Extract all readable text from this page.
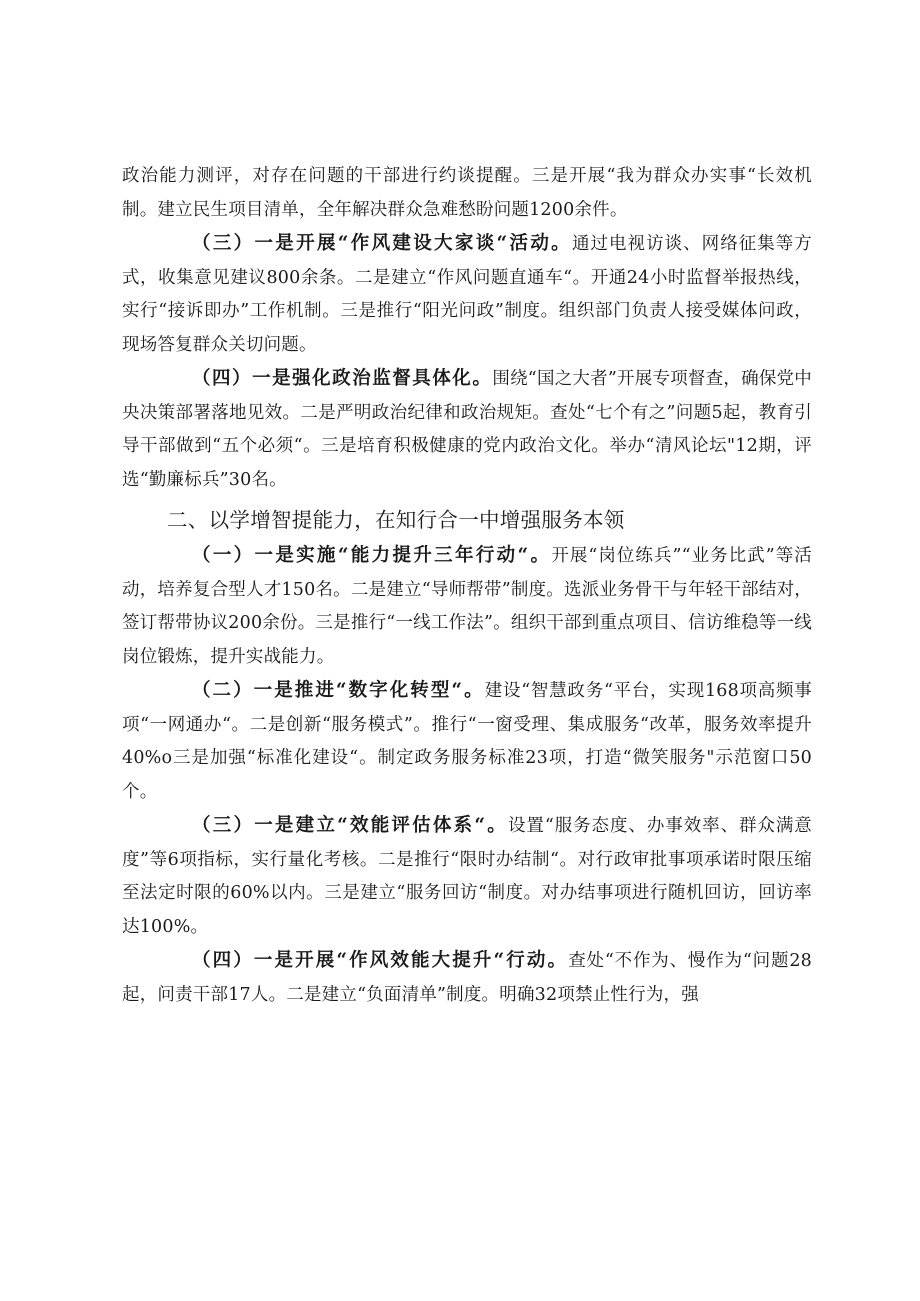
政治能力测评，对存在问题的干部进行约谈提醒。三是开展“我为群众办实事“长效机制。建立民生项目清单，全年解决群众急难愁盼问题1200余件。

（三）一是开展“作风建设大家谈“活动。通过电视访谈、网络征集等方式，收集意见建议800余条。二是建立“作风问题直通车“。开通24小时监督举报热线，实行“接诉即办”工作机制。三是推行“阳光问政”制度。组织部门负责人接受媒体问政，现场答复群众关切问题。

（四）一是强化政治监督具体化。围绕“国之大者”开展专项督查，确保党中央决策部署落地见效。二是严明政治纪律和政治规矩。查处“七个有之”问题5起，教育引导干部做到“五个必须“。三是培育积极健康的党内政治文化。举办“清风论坛"12期，评选“勤廉标兵”30名。

二、以学增智提能力，在知行合一中增强服务本领

（一）一是实施“能力提升三年行动“。开展“岗位练兵”“业务比武”等活动，培养复合型人才150名。二是建立“导师帮带”制度。选派业务骨干与年轻干部结对，签订帮带协议200余份。三是推行“一线工作法”。组织干部到重点项目、信访维稳等一线岗位锻炼，提升实战能力。

（二）一是推进“数字化转型“。建设“智慧政务“平台，实现168项高频事项“一网通办“。二是创新“服务模式”。推行“一窗受理、集成服务“改革，服务效率提升40%o三是加强“标准化建设“。制定政务服务标准23项，打造“微笑服务"示范窗口50个。

（三）一是建立“效能评估体系“。设置“服务态度、办事效率、群众满意度”等6项指标，实行量化考核。二是推行“限时办结制“。对行政审批事项承诺时限压缩至法定时限的60%以内。三是建立“服务回访“制度。对办结事项进行随机回访，回访率达100%。

（四）一是开展“作风效能大提升“行动。查处“不作为、慢作为“问题28起，问责干部17人。二是建立“负面清单”制度。明确32项禁止性行为，强
